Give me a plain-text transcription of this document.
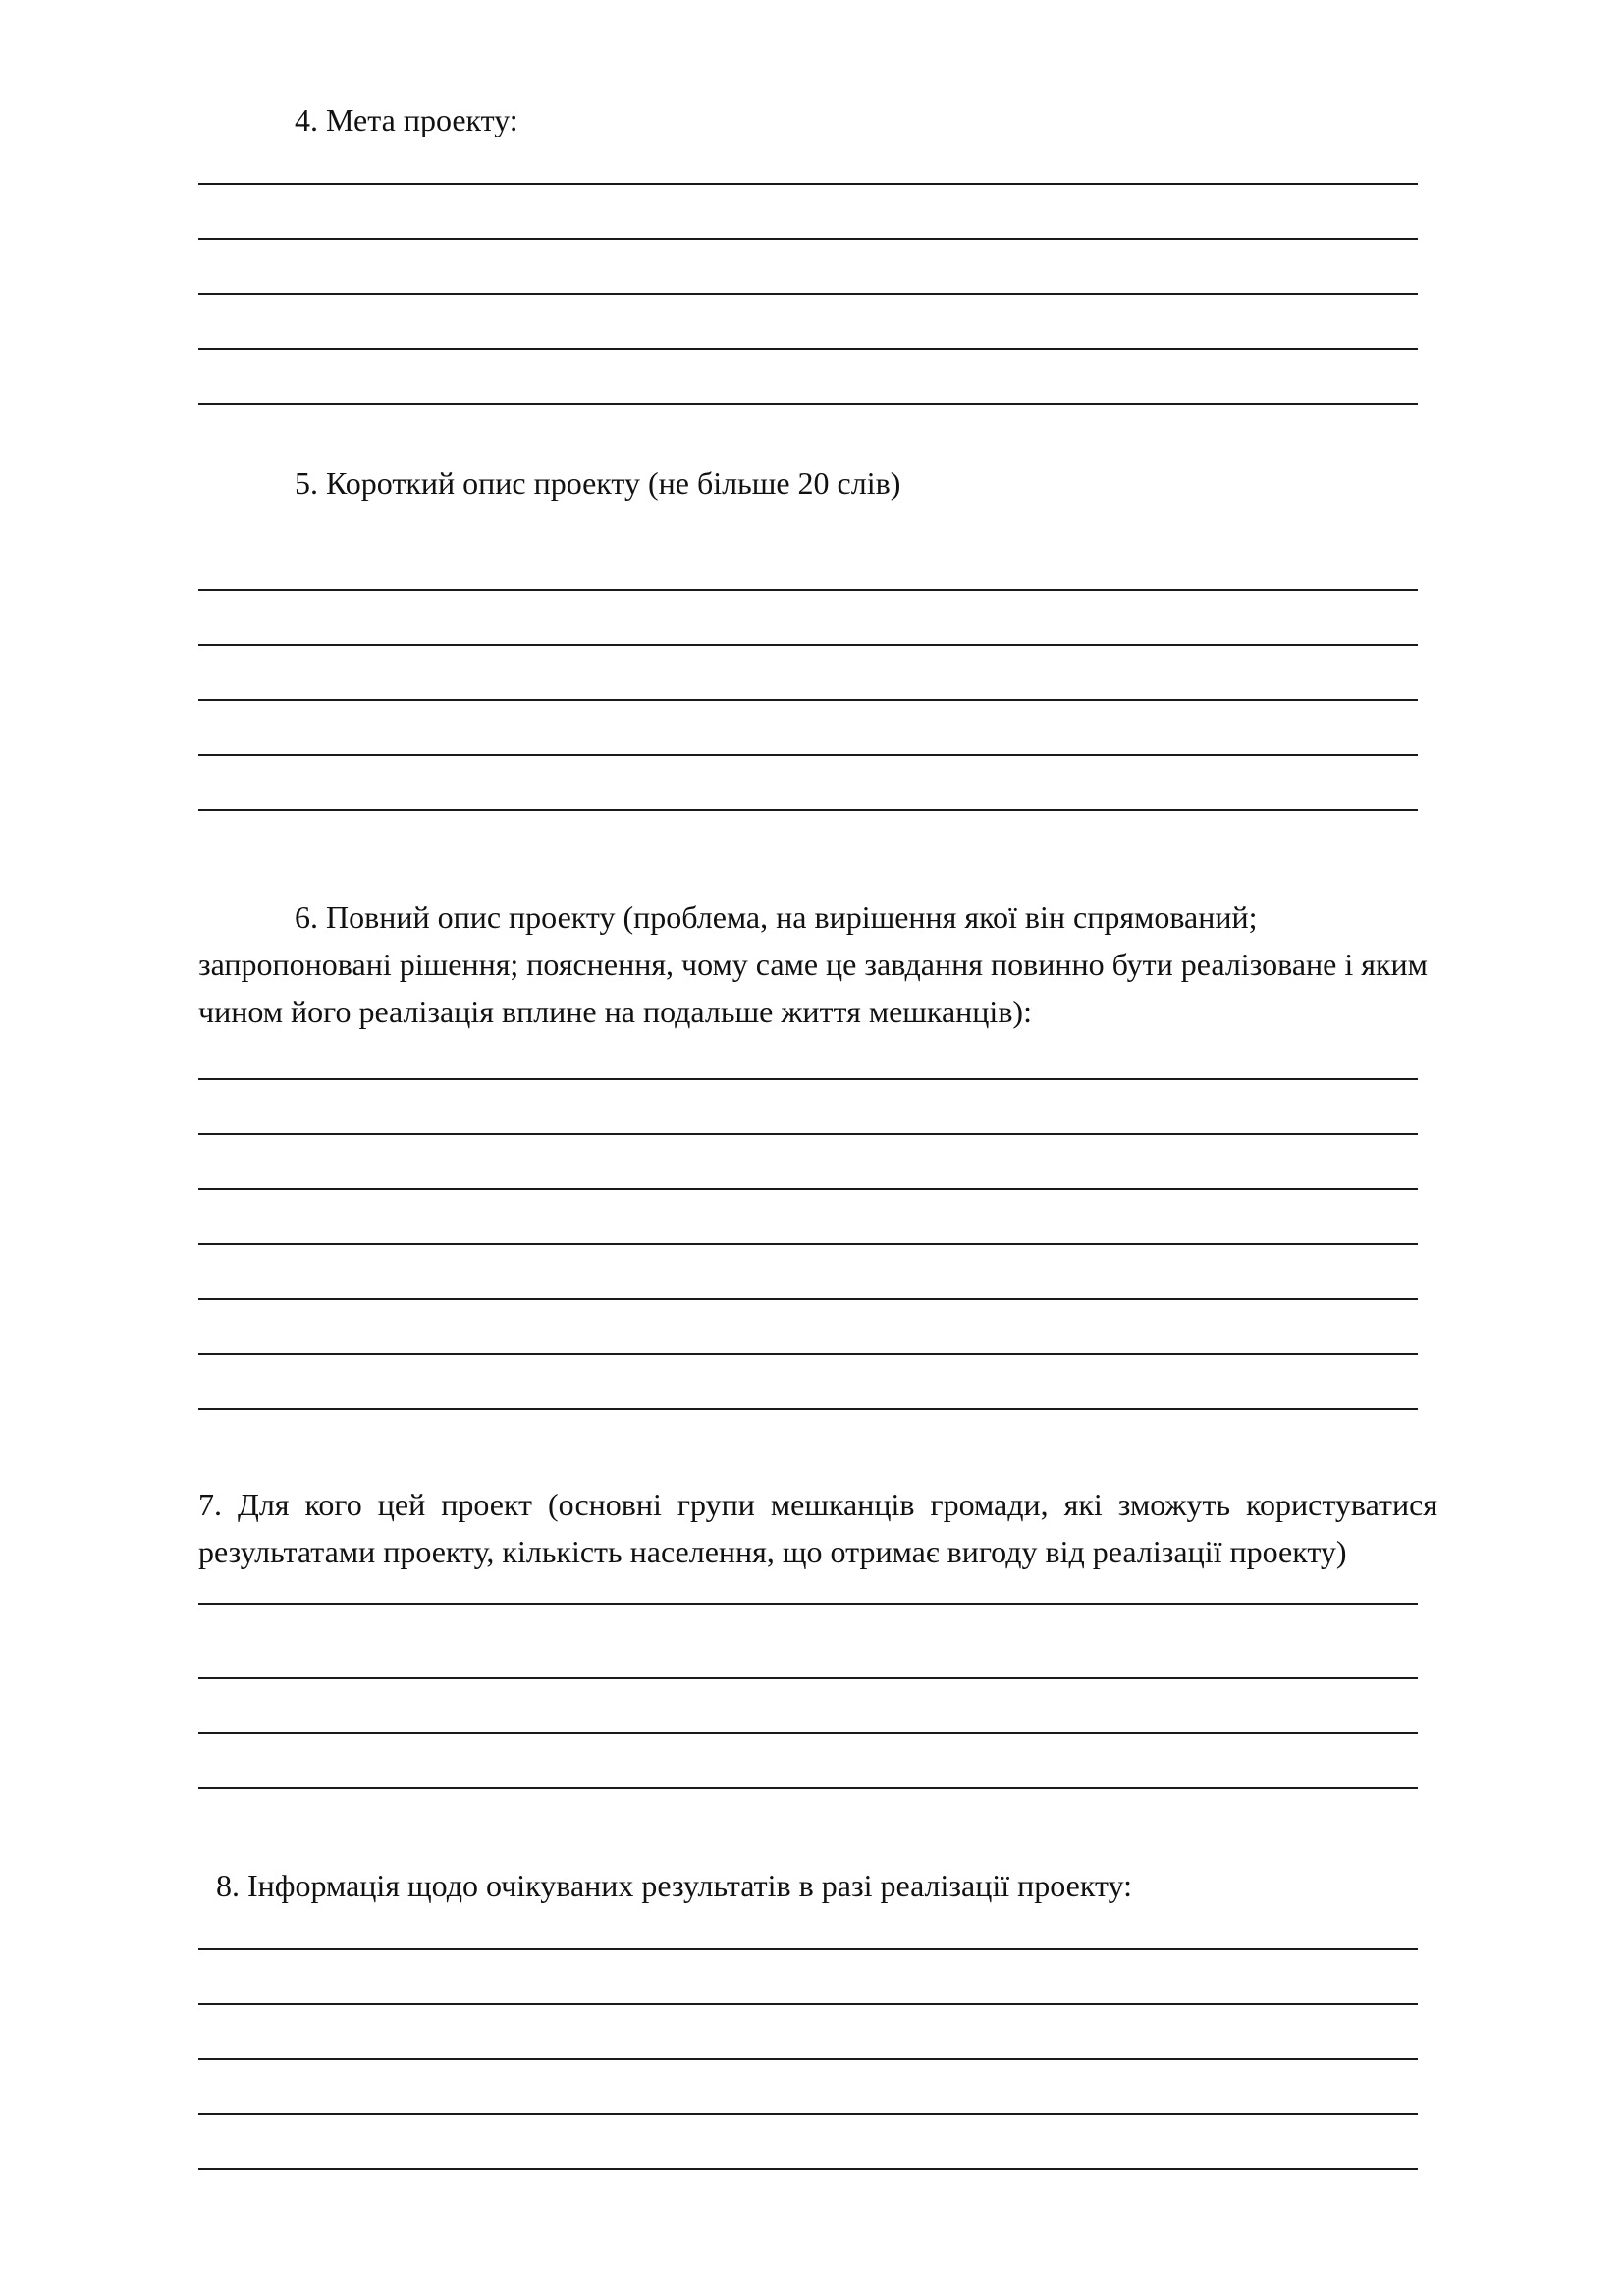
4. Мета проекту:

5. Короткий опис проекту (не більше 20 слів)

6. Повний опис проекту (проблема, на вирішення якої він спрямований; запропоновані рішення; пояснення, чому саме це завдання повинно бути реалізоване і яким чином його реалізація вплине на подальше життя мешканців):

7. Для кого цей проект (основні групи мешканців громади, які зможуть користуватися результатами проекту, кількість населення, що отримає вигоду від реалізації проекту)

8. Інформація щодо очікуваних результатів в разі реалізації проекту:
